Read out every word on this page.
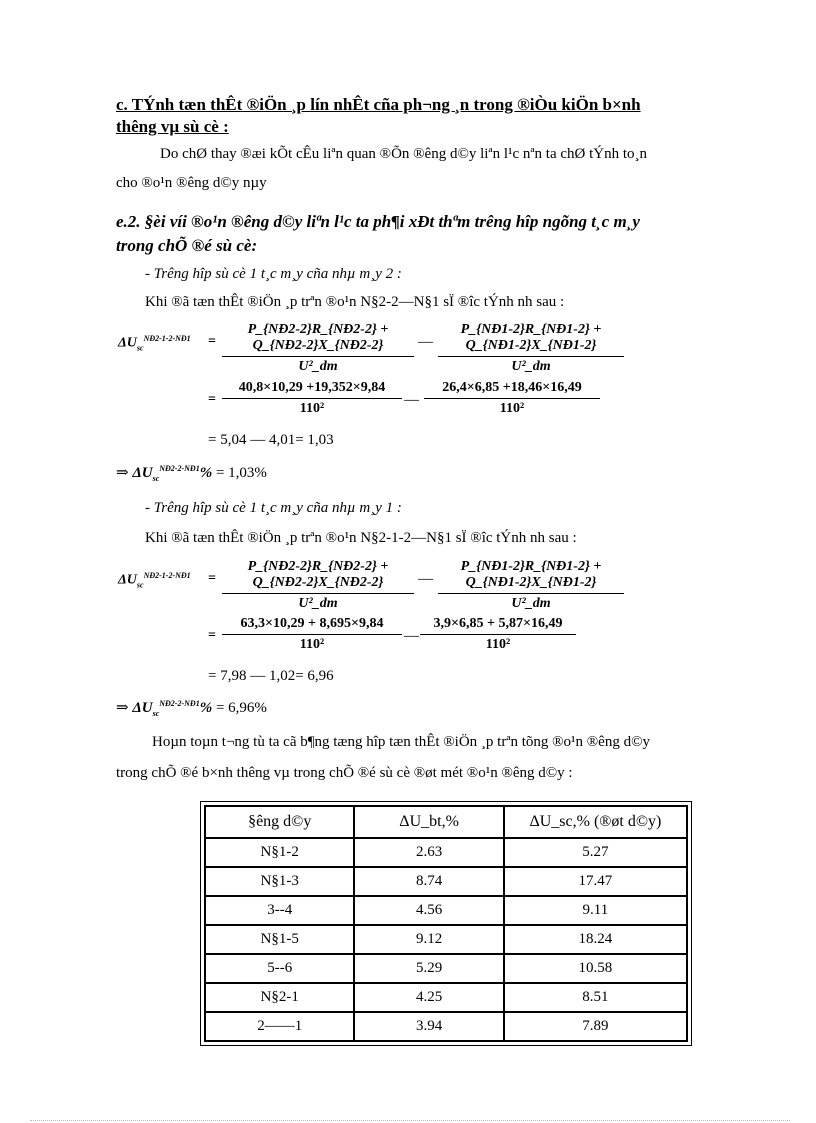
c. TÝnh tæn thÊt ®iÖn ¸p lín nhÊt cña ph¬ng ¸n trong ®iÒu kiÖn b×nh
thêng vµ sù cè :
Do chØ thay ®æi kÕt cÊu liªn quan ®Õn ®êng d©y liªn l¹c nªn ta chØ tÝnh to¸n
cho ®o¹n ®êng d©y nµy
e.2. §èi víi ®o¹n ®êng d©y liªn l¹c ta ph¶i xÐt thªm trêng hîp ngõng t¸c m¸y
trong chÕ ®é sù cè:
- Trêng hîp sù cè 1 t¸c m¸y cña nhµ m¸y 2 :
Khi ®ã tæn thÊt ®iÖn ¸p trªn ®o¹n N§2-2—N§1 sÏ ®îc tÝnh nh sau :
$\Delta U_{sc}^{NĐ2-1-2-NĐ1} = \frac{P\_\{NĐ2-2\}R\_\{NĐ2-2\} + Q\_\{NĐ2-2\}X\_\{NĐ2-2\}}{\text{U²\_dm}}$ — $\frac{P\_\{NĐ1-2\}R\_\{NĐ1-2\} + Q\_\{NĐ1-2\}X\_\{NĐ1-2\}}{\text{U²\_dm}}$
= $\frac{40,8\times 10,29 +19,352\times 9,84}{\text{110²}}$ — $\frac{26,4\times 6,85 +18,46\times 16,49}{\text{110²}}$
= 5,04 — 4,01= 1,03
⇒ $\Delta U_{sc}^{NĐ2-2-NĐ1}\% = 1,03\%$
- Trêng hîp sù cè 1 t¸c m¸y cña nhµ m¸y 1 :
Khi ®ã tæn thÊt ®iÖn ¸p trªn ®o¹n N§2-1-2—N§1 sÏ ®îc tÝnh nh sau :
$\Delta U_{sc}^{NĐ2-1-2-NĐ1} = \frac{P\_\{NĐ2-2\}R\_\{NĐ2-2\} + Q\_\{NĐ2-2\}X\_\{NĐ2-2\}}{\text{U²\_dm}}$ — $\frac{P\_\{NĐ1-2\}R\_\{NĐ1-2\} + Q\_\{NĐ1-2\}X\_\{NĐ1-2\}}{\text{U²\_dm}}$
= $\frac{63,3\times 10,29 + 8,695\times 9,84}{\text{110²}}$ — $\frac{3,9\times 6,85 + 5,87\times 16,49}{\text{110²}}$
= 7,98 — 1,02= 6,96
⇒ $\Delta U_{sc}^{NĐ2-2-NĐ1}\% = 6,96\%$
Hoµn toµn t¬ng tù ta cã b¶ng tæng hîp tæn thÊt ®iÖn ¸p trªn tõng ®o¹n ®êng d©y
trong chÕ ®é b×nh thêng vµ trong chÕ ®é sù cè ®øt mét ®o¹n ®êng d©y :
§êng d©y	ΔU_bt,%	ΔU_sc,% (®øt d©y)
N§1-2	2.63	5.27
N§1-3	8.74	17.47
3--4	4.56	9.11
N§1-5	9.12	18.24
5--6	5.29	10.58
N§2-1	4.25	8.51
2——1	3.94	7.89
